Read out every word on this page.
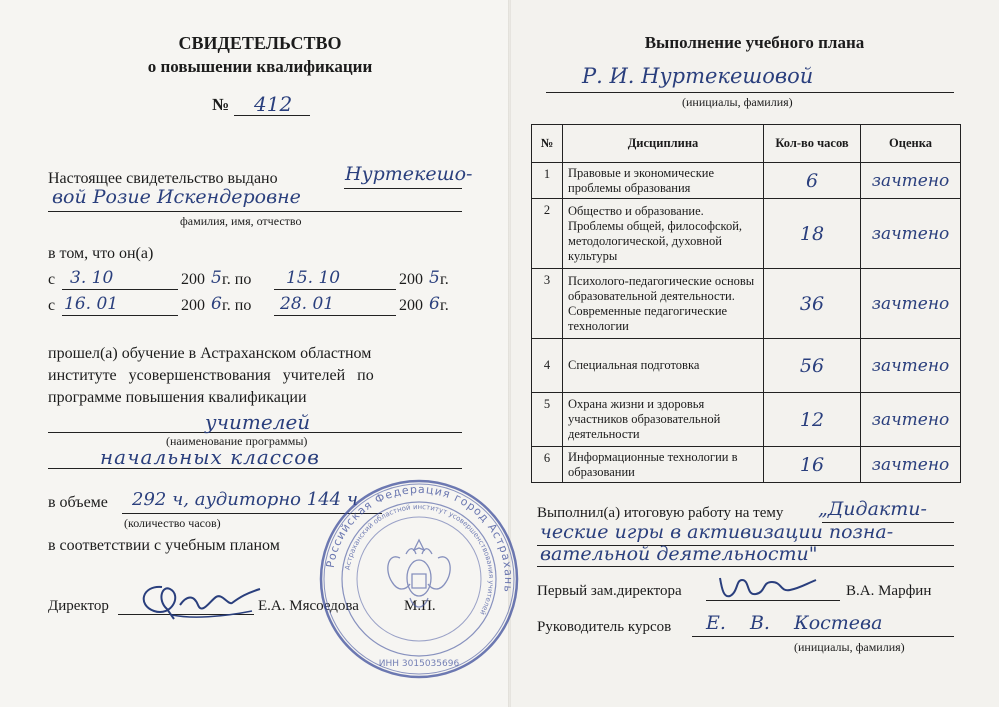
СВИДЕТЕЛЬСТВО
о повышении квалификации
№ 412
Настоящее свидетельство выдано	Нуртекешо-
вой Розие Искендеровне
фамилия, имя, отчество
в том, что он(а)
с 3. 10	200 5 г. по 15. 10	200 5 г.
с 16. 01	200 6 г. по 28. 01	200 6 г.
прошел(а) обучение в Астраханском областном
институте усовершенствования учителей по
программе повышения квалификации
учителей
(наименование программы)
начальных классов
в объеме 292 ч, аудиторно 144 ч
(количество часов)
в соответствии с учебным планом
Директор	Е.А. Мясоедова	М.П.
Российская Федерация город Астрахань
Астраханский областной институт усовершенствования учителей
ИНН 3015035696
Выполнение учебного плана
Р. И. Нуртекешовой
(инициалы, фамилия)
№	Дисциплина	Кол-во часов	Оценка
1	Правовые и экономические проблемы образования	6	зачтено
2	Общество и образование. Проблемы общей, философской, методологической, духовной культуры	18	зачтено
3	Психолого-педагогические основы образовательной деятельности. Современные педагогические технологии	36	зачтено
4	Специальная подготовка	56	зачтено
5	Охрана жизни и здоровья участников образовательной деятельности	12	зачтено
6	Информационные технологии в образовании	16	зачтено
Выполнил(а) итоговую работу на тему „Дидакти-
ческие игры в активизации позна-
вательной деятельности"
Первый зам.директора	В.А. Марфин
Руководитель курсов Е. В. Костева
(инициалы, фамилия)
